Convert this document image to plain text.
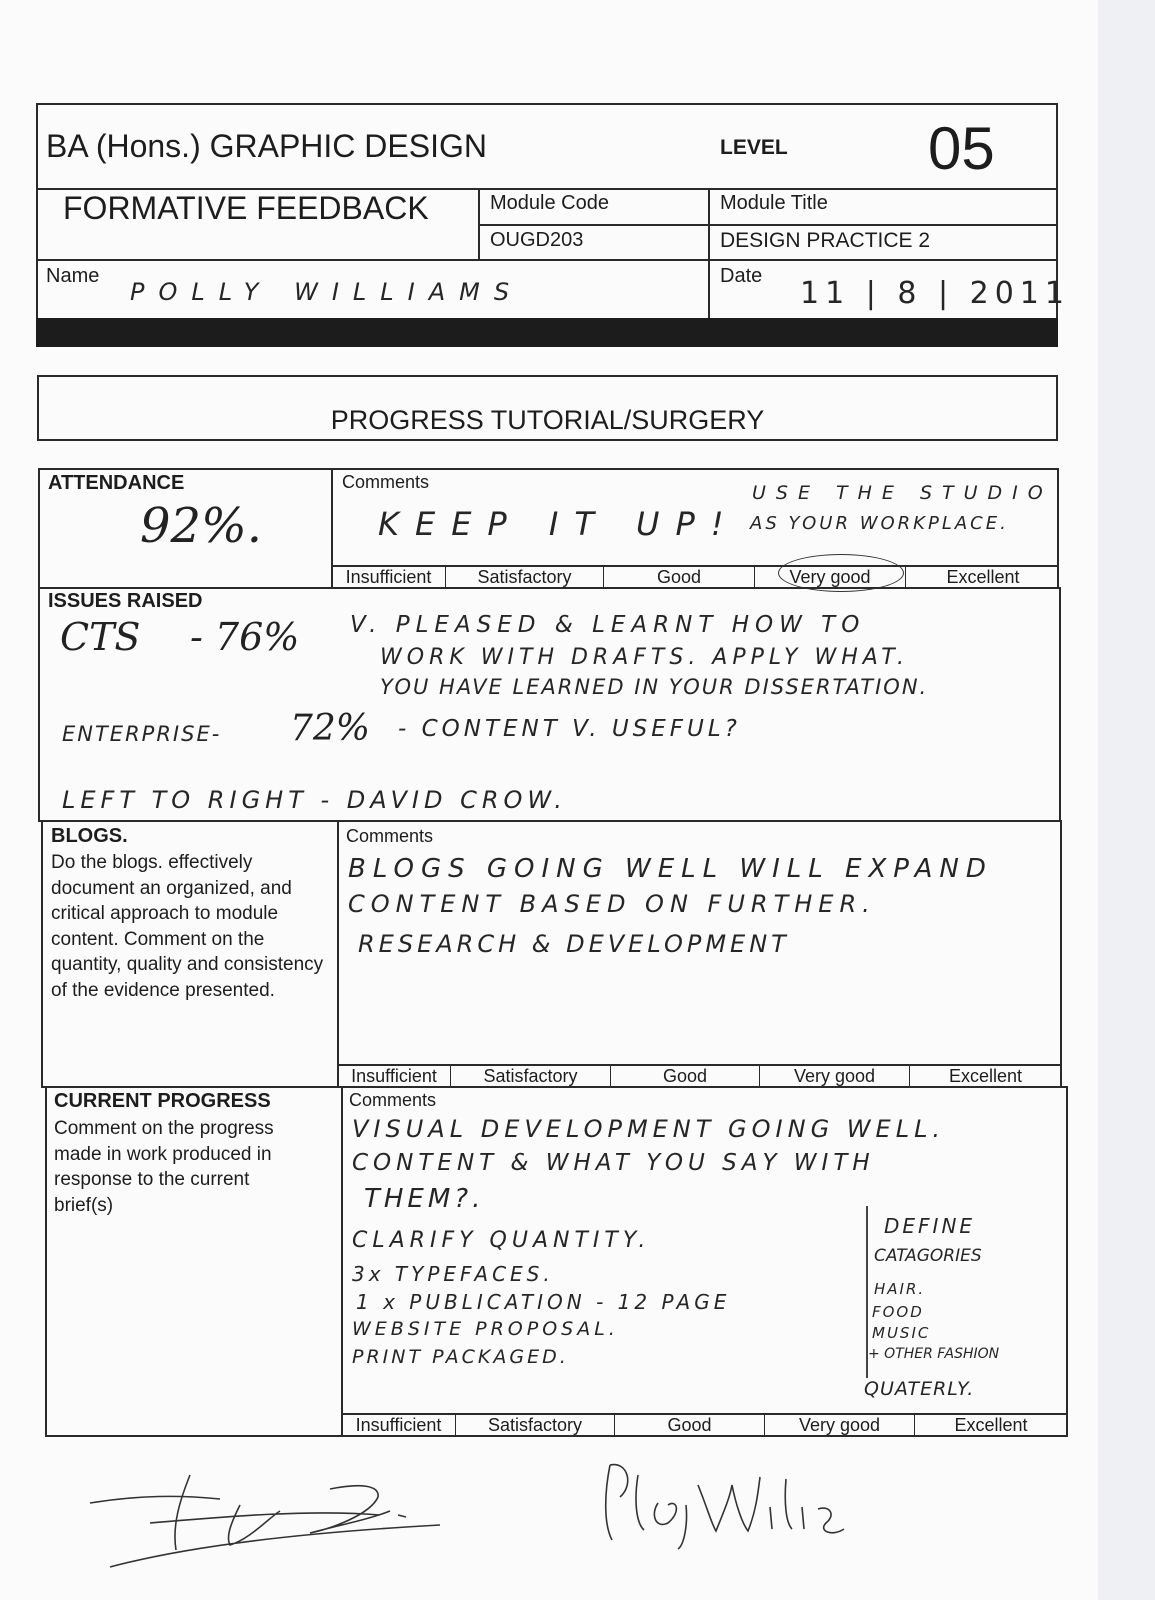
BA (Hons.) GRAPHIC DESIGN	LEVEL 05
FORMATIVE FEEDBACK	Module Code	Module Title
OUGD203	DESIGN PRACTICE 2
Name
POLLY WILLIAMS
Date 11 | 8 | 2011
PROGRESS TUTORIAL/SURGERY
ATTENDANCE
92%.
Comments
KEEP IT UP!
USE THE STUDIO
AS YOUR WORKPLACE.
Insufficient	Satisfactory	Good	Very good	Excellent
ISSUES RAISED
CTS - 76% V. PLEASED & LEARNT HOW TO
WORK WITH DRAFTS. APPLY WHAT.
YOU HAVE LEARNED IN YOUR DISSERTATION.
ENTERPRISE- 72% - CONTENT V. USEFUL?
LEFT TO RIGHT - DAVID CROW.
BLOGS.
Do the blogs. effectively document an organized, and critical approach to module content. Comment on the quantity, quality and consistency of the evidence presented.
Comments
BLOGS GOING WELL WILL EXPAND
CONTENT BASED ON FURTHER.
RESEARCH & DEVELOPMENT
Insufficient	Satisfactory	Good	Very good	Excellent
CURRENT PROGRESS
Comment on the progress made in work produced in response to the current brief(s)
Comments
VISUAL DEVELOPMENT GOING WELL.
CONTENT & WHAT YOU SAY WITH
THEM?.
CLARIFY QUANTITY.
3x TYPEFACES.
1 x PUBLICATION - 12 PAGE
WEBSITE PROPOSAL.
PRINT PACKAGED.
DEFINE
CATAGORIES
HAIR.
FOOD
MUSIC
+ OTHER FASHION
QUATERLY.
Insufficient	Satisfactory	Good	Very good	Excellent
